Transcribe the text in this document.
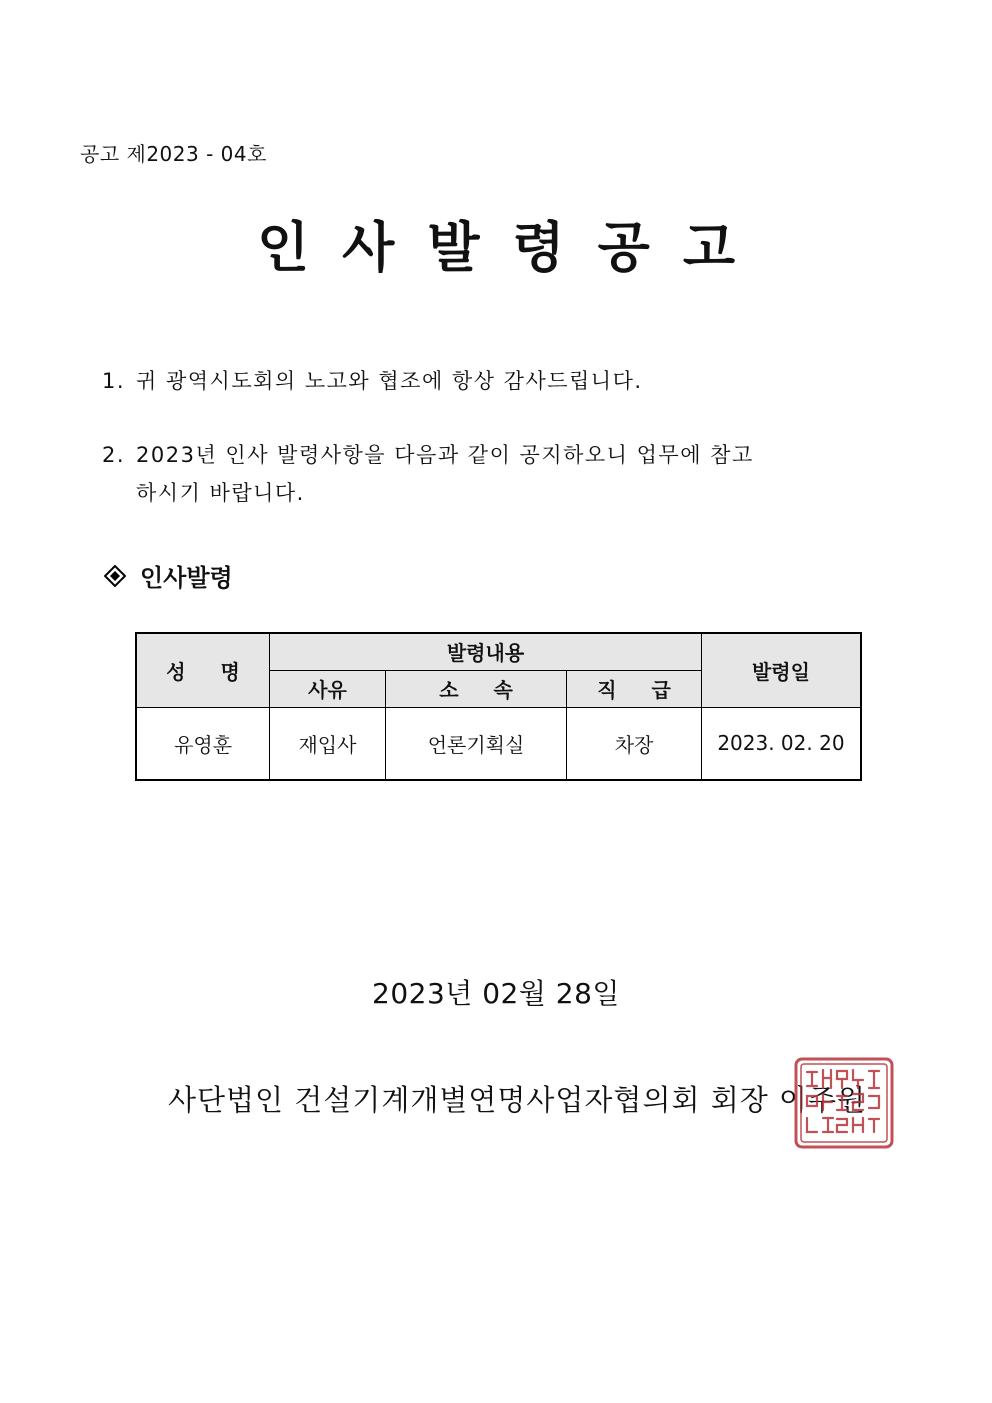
공고 제2023 - 04호
인사발령공고
1. 귀 광역시도회의 노고와 협조에 항상 감사드립니다.
2. 2023년 인사 발령사항을 다음과 같이 공지하오니 업무에 참고
하시기 바랍니다.
인사발령
성 명	발령내용			발령일
	사유	소 속	직 급	
유영훈	재입사	언론기획실	차장	2023. 02. 20
2023년 02월 28일
사단법인 건설기계개별연명사업자협의회 회장 이주원
사단법인건설기계개별연명사업자협의회장인
